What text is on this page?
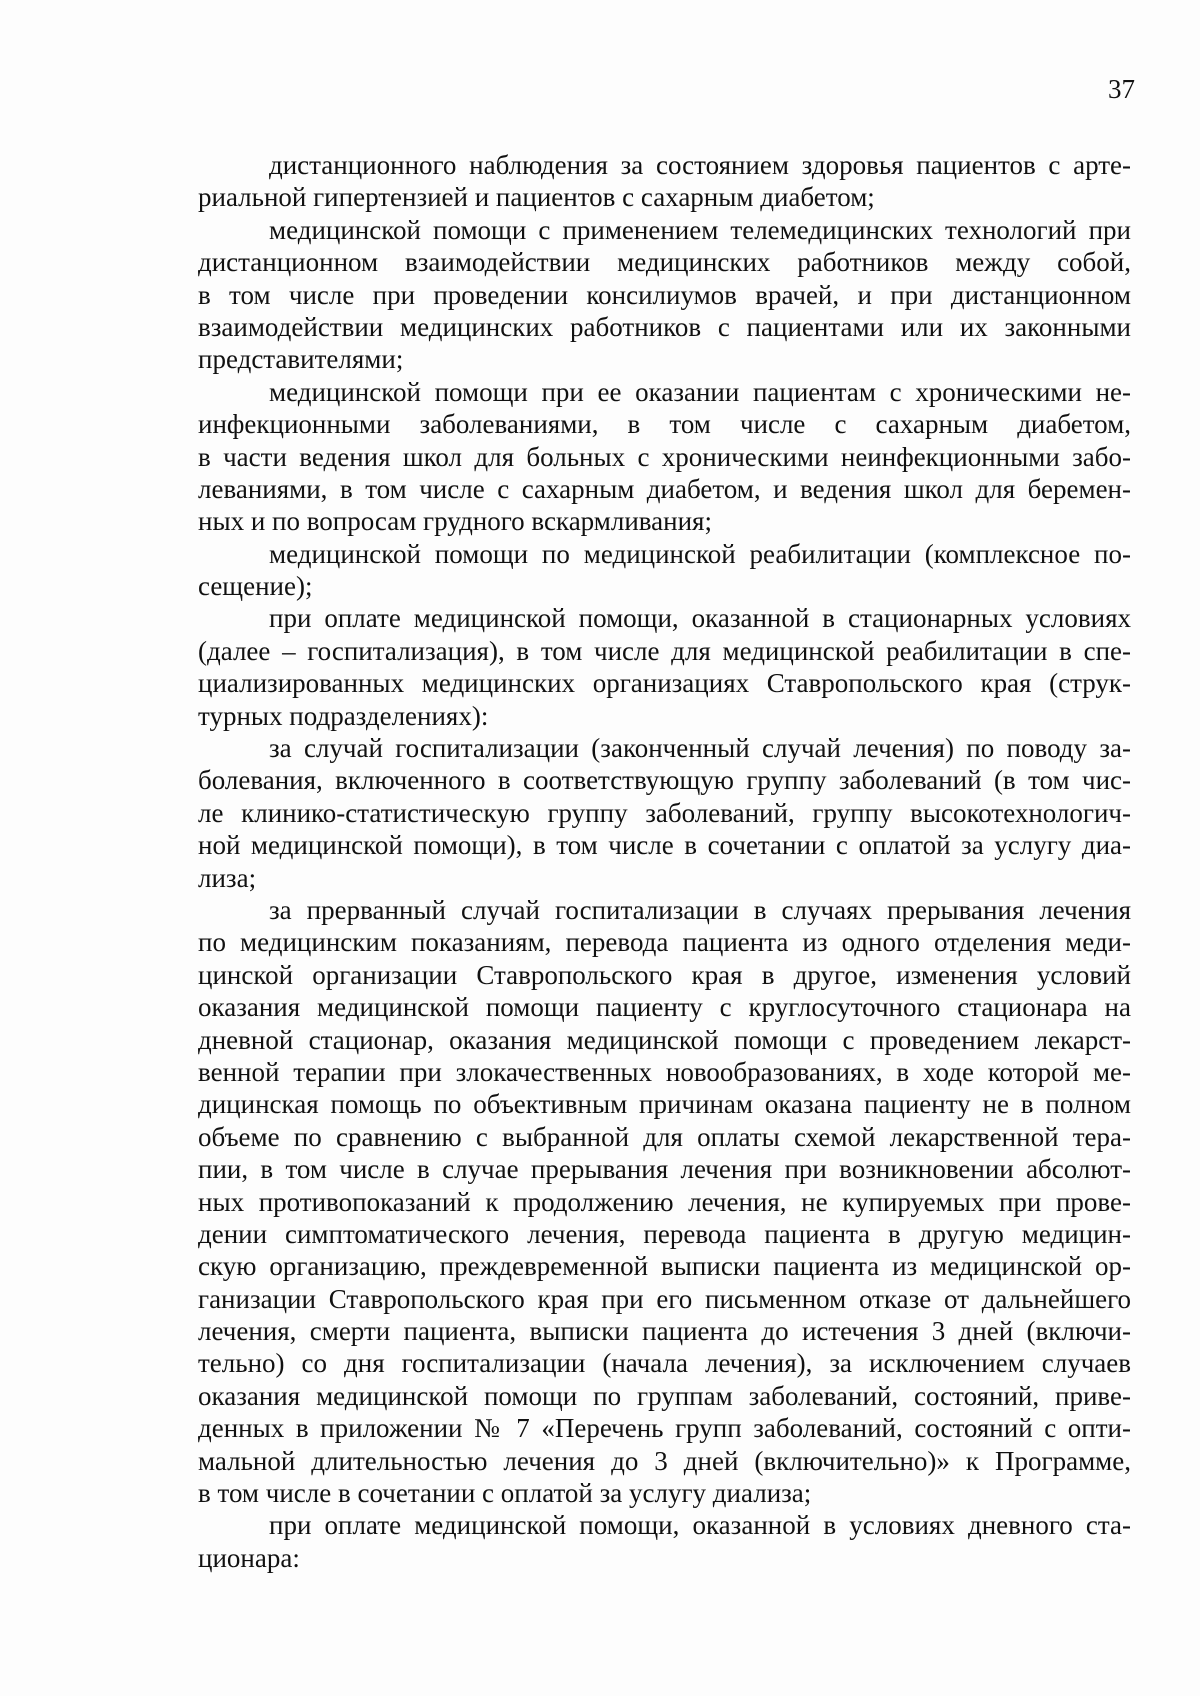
37
дистанционного наблюдения за состоянием здоровья пациентов с арте-
риальной гипертензией и пациентов с сахарным диабетом;
медицинской помощи с применением телемедицинских технологий при
дистанционном взаимодействии медицинских работников между собой,
в том числе при проведении консилиумов врачей, и при дистанционном
взаимодействии медицинских работников с пациентами или их законными
представителями;
медицинской помощи при ее оказании пациентам с хроническими не-
инфекционными заболеваниями, в том числе с сахарным диабетом,
в части ведения школ для больных с хроническими неинфекционными забо-
леваниями, в том числе с сахарным диабетом, и ведения школ для беремен-
ных и по вопросам грудного вскармливания;
медицинской помощи по медицинской реабилитации (комплексное по-
сещение);
при оплате медицинской помощи, оказанной в стационарных условиях
(далее – госпитализация), в том числе для медицинской реабилитации в спе-
циализированных медицинских организациях Ставропольского края (струк-
турных подразделениях):
за случай госпитализации (законченный случай лечения) по поводу за-
болевания, включенного в соответствующую группу заболеваний (в том чис-
ле клинико-статистическую группу заболеваний, группу высокотехнологич-
ной медицинской помощи), в том числе в сочетании с оплатой за услугу диа-
лиза;
за прерванный случай госпитализации в случаях прерывания лечения
по медицинским показаниям, перевода пациента из одного отделения меди-
цинской организации Ставропольского края в другое, изменения условий
оказания медицинской помощи пациенту с круглосуточного стационара на
дневной стационар, оказания медицинской помощи с проведением лекарст-
венной терапии при злокачественных новообразованиях, в ходе которой ме-
дицинская помощь по объективным причинам оказана пациенту не в полном
объеме по сравнению с выбранной для оплаты схемой лекарственной тера-
пии, в том числе в случае прерывания лечения при возникновении абсолют-
ных противопоказаний к продолжению лечения, не купируемых при прове-
дении симптоматического лечения, перевода пациента в другую медицин-
скую организацию, преждевременной выписки пациента из медицинской ор-
ганизации Ставропольского края при его письменном отказе от дальнейшего
лечения, смерти пациента, выписки пациента до истечения 3 дней (включи-
тельно) со дня госпитализации (начала лечения), за исключением случаев
оказания медицинской помощи по группам заболеваний, состояний, приве-
денных в приложении № 7 «Перечень групп заболеваний, состояний с опти-
мальной длительностью лечения до 3 дней (включительно)» к Программе,
в том числе в сочетании с оплатой за услугу диализа;
при оплате медицинской помощи, оказанной в условиях дневного ста-
ционара:
